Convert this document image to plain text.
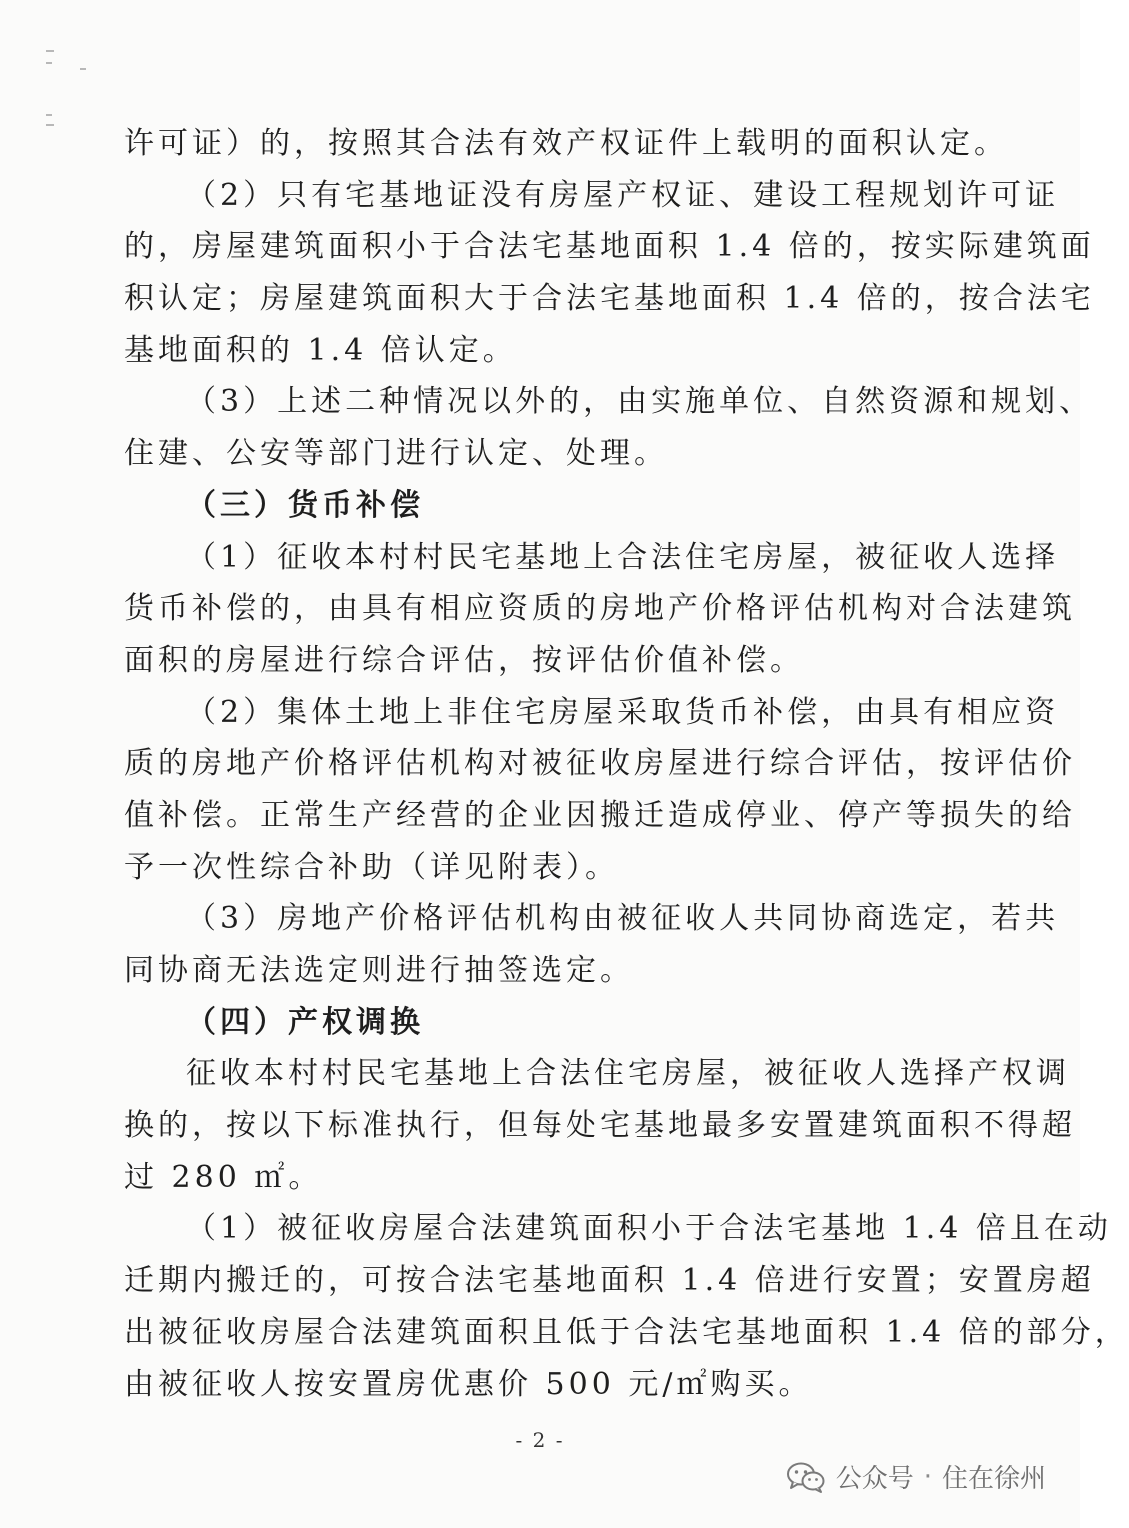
许可证）的，按照其合法有效产权证件上载明的面积认定。
（2）只有宅基地证没有房屋产权证、建设工程规划许可证
的，房屋建筑面积小于合法宅基地面积 1.4 倍的，按实际建筑面
积认定；房屋建筑面积大于合法宅基地面积 1.4 倍的，按合法宅
基地面积的 1.4 倍认定。
（3）上述二种情况以外的，由实施单位、自然资源和规划、
住建、公安等部门进行认定、处理。
（三）货币补偿
（1）征收本村村民宅基地上合法住宅房屋，被征收人选择
货币补偿的，由具有相应资质的房地产价格评估机构对合法建筑
面积的房屋进行综合评估，按评估价值补偿。
（2）集体土地上非住宅房屋采取货币补偿，由具有相应资
质的房地产价格评估机构对被征收房屋进行综合评估，按评估价
值补偿。正常生产经营的企业因搬迁造成停业、停产等损失的给
予一次性综合补助（详见附表）。
（3）房地产价格评估机构由被征收人共同协商选定，若共
同协商无法选定则进行抽签选定。
（四）产权调换
征收本村村民宅基地上合法住宅房屋，被征收人选择产权调
换的，按以下标准执行，但每处宅基地最多安置建筑面积不得超
过 280 ㎡。
（1）被征收房屋合法建筑面积小于合法宅基地 1.4 倍且在动
迁期内搬迁的，可按合法宅基地面积 1.4 倍进行安置；安置房超
出被征收房屋合法建筑面积且低于合法宅基地面积 1.4 倍的部分，
由被征收人按安置房优惠价 500 元/㎡购买。
- 2 -
公众号 · 住在徐州
